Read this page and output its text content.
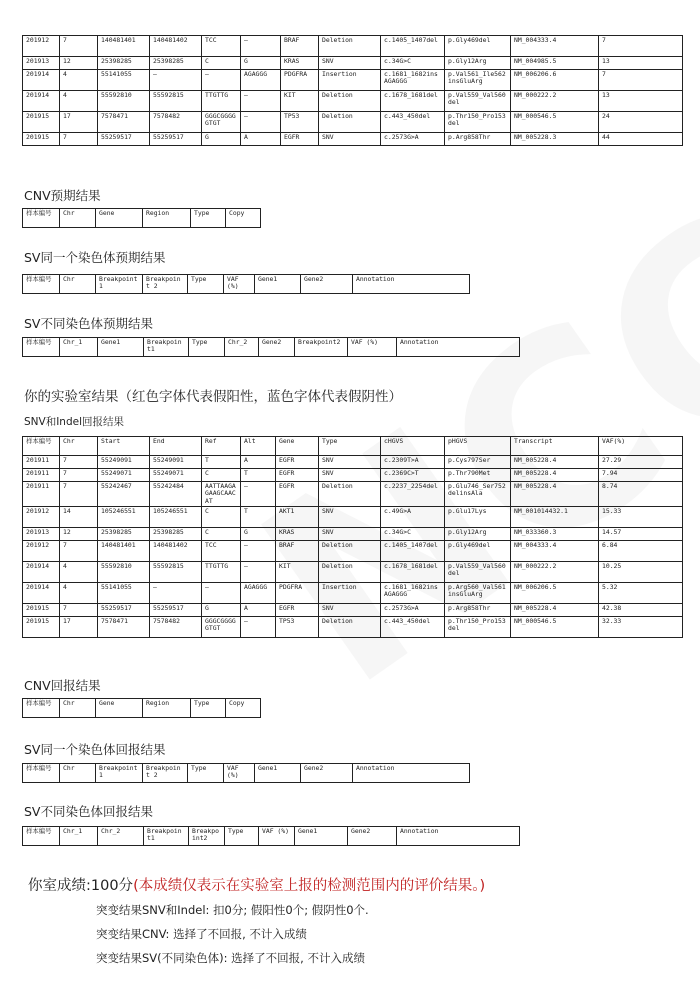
201912	7	140481401	140481402	TCC	—	BRAF	Deletion	c.1405_1407del	p.Gly469del	NM_004333.4	7
201913	12	25398285	25398285	C	G	KRAS	SNV	c.34G>C	p.Gly12Arg	NM_004985.5	13
201914	4	55141055	—	—	AGAGGG	PDGFRA	Insertion	c.1681_1682insAGAGGG	p.Val561_Ile562insGluArg	NM_006206.6	7
201914	4	55592810	55592815	TTGTTG	—	KIT	Deletion	c.1678_1681del	p.Val559_Val560del	NM_000222.2	13
201915	17	7578471	7578482	GGGCGGGGGTGT	—	TP53	Deletion	c.443_450del	p.Thr150_Pro153del	NM_000546.5	24
201915	7	55259517	55259517	G	A	EGFR	SNV	c.2573G>A	p.Arg858Thr	NM_005228.3	44
CNV预期结果
样本编号	Chr	Gene	Region	Type	Copy
SV同一个染色体预期结果
样本编号	Chr	Breakpoint 1	Breakpoint 2	Type	VAF (%)	Gene1	Gene2	Annotation
SV不同染色体预期结果
样本编号	Chr_1	Gene1	Breakpoint1	Type	Chr_2	Gene2	Breakpoint2	VAF (%)	Annotation
你的实验室结果（红色字体代表假阳性，蓝色字体代表假阴性）
SNV和Indel回报结果
样本编号	Chr	Start	End	Ref	Alt	Gene	Type	cHGVS	pHGVS	Transcript	VAF(%)
201911	7	55249091	55249091	T	A	EGFR	SNV	c.2309T>A	p.Cys797Ser	NM_005228.4	27.29
201911	7	55249071	55249071	C	T	EGFR	SNV	c.2369C>T	p.Thr790Met	NM_005228.4	7.94
201911	7	55242467	55242484	AATTAAGAGAAGCAACAT	—	EGFR	Deletion	c.2237_2254del	p.Glu746_Ser752delinsAla	NM_005228.4	8.74
201912	14	105246551	105246551	C	T	AKT1	SNV	c.49G>A	p.Glu17Lys	NM_001014432.1	15.33
201913	12	25398285	25398285	C	G	KRAS	SNV	c.34G>C	p.Gly12Arg	NM_033360.3	14.57
201912	7	140481401	140481402	TCC	—	BRAF	Deletion	c.1405_1407del	p.Gly469del	NM_004333.4	6.84
201914	4	55592810	55592815	TTGTTG	—	KIT	Deletion	c.1678_1681del	p.Val559_Val560del	NM_000222.2	10.25
201914	4	55141055	—	—	AGAGGG	PDGFRA	Insertion	c.1681_1682insAGAGGG	p.Arg560_Val561insGluArg	NM_006206.5	5.32
201915	7	55259517	55259517	G	A	EGFR	SNV	c.2573G>A	p.Arg858Thr	NM_005228.4	42.38
201915	17	7578471	7578482	GGGCGGGGGTGT	—	TP53	Deletion	c.443_450del	p.Thr150_Pro153del	NM_000546.5	32.33
CNV回报结果
样本编号	Chr	Gene	Region	Type	Copy
SV同一个染色体回报结果
样本编号	Chr	Breakpoint 1	Breakpoint 2	Type	VAF (%)	Gene1	Gene2	Annotation
SV不同染色体回报结果
样本编号	Chr_1	Chr_2	Breakpoint1	Breakpoint2	Type	VAF (%)	Gene1	Gene2	Annotation
你室成绩:100分(本成绩仅表示在实验室上报的检测范围内的评价结果。)
突变结果SNV和Indel: 扣0分; 假阳性0个; 假阴性0个.
突变结果CNV: 选择了不回报, 不计入成绩
突变结果SV(不同染色体): 选择了不回报, 不计入成绩
